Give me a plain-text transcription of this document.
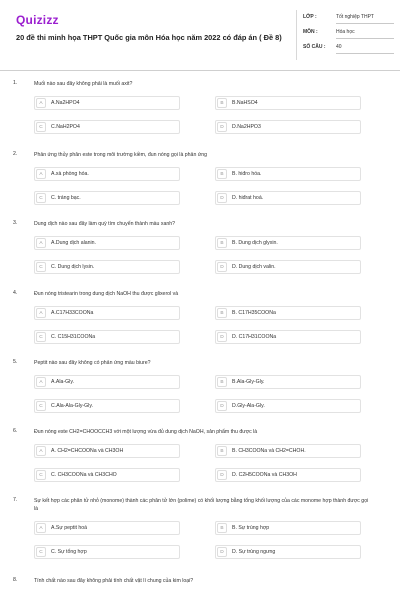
Quizizz
20 đề thi minh họa THPT Quốc gia môn Hóa học năm 2022 có đáp án ( Đề 8)
LỚP :	Tốt nghiệp THPT
MÔN :	Hóa học
SỐ CÂU : 40
1.	Muối nào sau đây không phải là muối axit?
A	A.Na2HPO4	B	B.NaHSO4
C	C.NaH2PO4	D	D.Na2HPO3
2.	Phản ứng thủy phân este trong môi trường kiềm, đun nóng gọi là phản ứng
A	A.xà phòng hóa.	B	B. hiđro hóa.
C	C. tráng bạc.	D	D. hiđrat hoá.
3.	Dung dịch nào sau đây làm quỳ tím chuyển thành màu xanh?
A	A.Dung dịch alanin.	B	B. Dung dịch glyxin.
C	C. Dung dịch lysin.	D	D. Dung dịch valin.
4.	Đun nóng tristearin trong dung dịch NaOH thu được glixerol và
A	A.C17H33COONa	B	B. C17H35COONa
C	C. C15H31COONa	D	D. C17H31COONa
5.	Peptit nào sau đây không có phản ứng màu biure?
A	A.Ala-Gly.	B	B.Ala-Gly-Gly.
C	C.Ala-Ala-Gly-Gly.	D	D.Gly-Ala-Gly.
6.	Đun nóng este CH2=CHOOCCH3 với một lượng vừa đủ dung dịch NaOH, sản phẩm thu được là
A	A. CH2=CHCOONa và CH3OH	B	B. CH3COONa và CH2=CHOH.
C	C. CH3COONa và CH3CHO	D	D. C2H5COONa và CH3OH
7.	Sự kết hợp các phân tử nhỏ (monome) thành các phân tử lớn (polime) có khối lượng bằng tổng khối lượng của các monome hợp thành được gọi là
A	A.Sự peptit hoá	B	B. Sự trùng hợp
C	C. Sự tổng hợp	D	D. Sự trùng ngưng
8.	Tính chất nào sau đây không phải tính chất vật lí chung của kim loại?
